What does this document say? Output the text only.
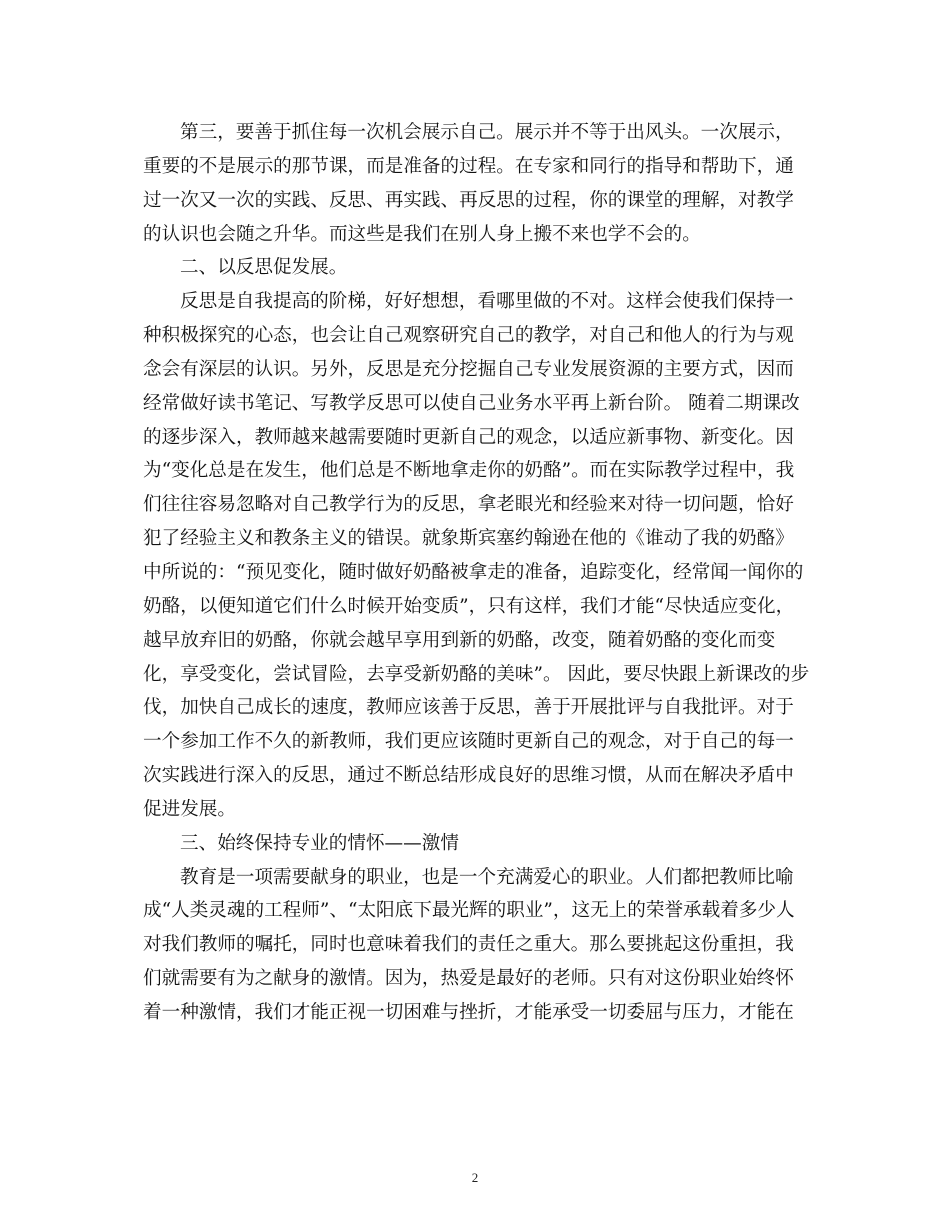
第三，要善于抓住每一次机会展示自己。展示并不等于出风头。一次展示，
重要的不是展示的那节课，而是准备的过程。在专家和同行的指导和帮助下，通
过一次又一次的实践、反思、再实践、再反思的过程，你的课堂的理解，对教学
的认识也会随之升华。而这些是我们在别人身上搬不来也学不会的。
二、以反思促发展。
反思是自我提高的阶梯，好好想想，看哪里做的不对。这样会使我们保持一
种积极探究的心态，也会让自己观察研究自己的教学，对自己和他人的行为与观
念会有深层的认识。另外，反思是充分挖掘自己专业发展资源的主要方式，因而
经常做好读书笔记、写教学反思可以使自己业务水平再上新台阶。 随着二期课改
的逐步深入，教师越来越需要随时更新自己的观念，以适应新事物、新变化。因
为“变化总是在发生，他们总是不断地拿走你的奶酪”。而在实际教学过程中，我
们往往容易忽略对自己教学行为的反思，拿老眼光和经验来对待一切问题，恰好
犯了经验主义和教条主义的错误。就象斯宾塞约翰逊在他的《谁动了我的奶酪》
中所说的：“预见变化，随时做好奶酪被拿走的准备，追踪变化，经常闻一闻你的
奶酪，以便知道它们什么时候开始变质”，只有这样，我们才能“尽快适应变化，
越早放弃旧的奶酪，你就会越早享用到新的奶酪，改变，随着奶酪的变化而变
化，享受变化，尝试冒险，去享受新奶酪的美味”。 因此，要尽快跟上新课改的步
伐，加快自己成长的速度，教师应该善于反思，善于开展批评与自我批评。对于
一个参加工作不久的新教师，我们更应该随时更新自己的观念，对于自己的每一
次实践进行深入的反思，通过不断总结形成良好的思维习惯，从而在解决矛盾中
促进发展。
三、始终保持专业的情怀——激情
教育是一项需要献身的职业，也是一个充满爱心的职业。人们都把教师比喻
成“人类灵魂的工程师”、“太阳底下最光辉的职业”，这无上的荣誉承载着多少人
对我们教师的嘱托，同时也意味着我们的责任之重大。那么要挑起这份重担，我
们就需要有为之献身的激情。因为，热爱是最好的老师。只有对这份职业始终怀
着一种激情，我们才能正视一切困难与挫折，才能承受一切委屈与压力，才能在
2
